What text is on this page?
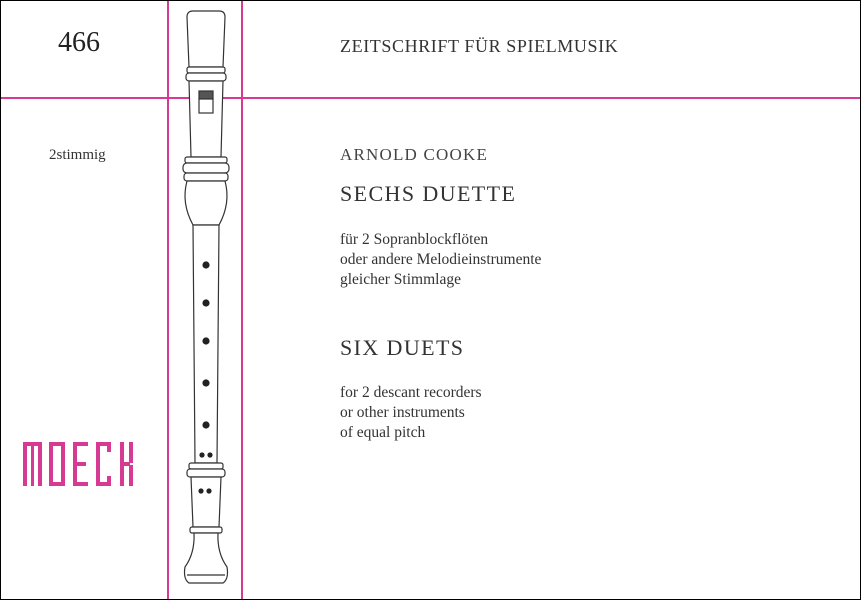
466	ZEITSCHRIFT FÜR SPIELMUSIK
2stimmig	ARNOLD COOKE
SECHS DUETTE
für 2 Sopranblockflöten
oder andere Melodieinstrumente
gleicher Stimmlage
SIX DUETS
for 2 descant recorders
or other instruments
of equal pitch
